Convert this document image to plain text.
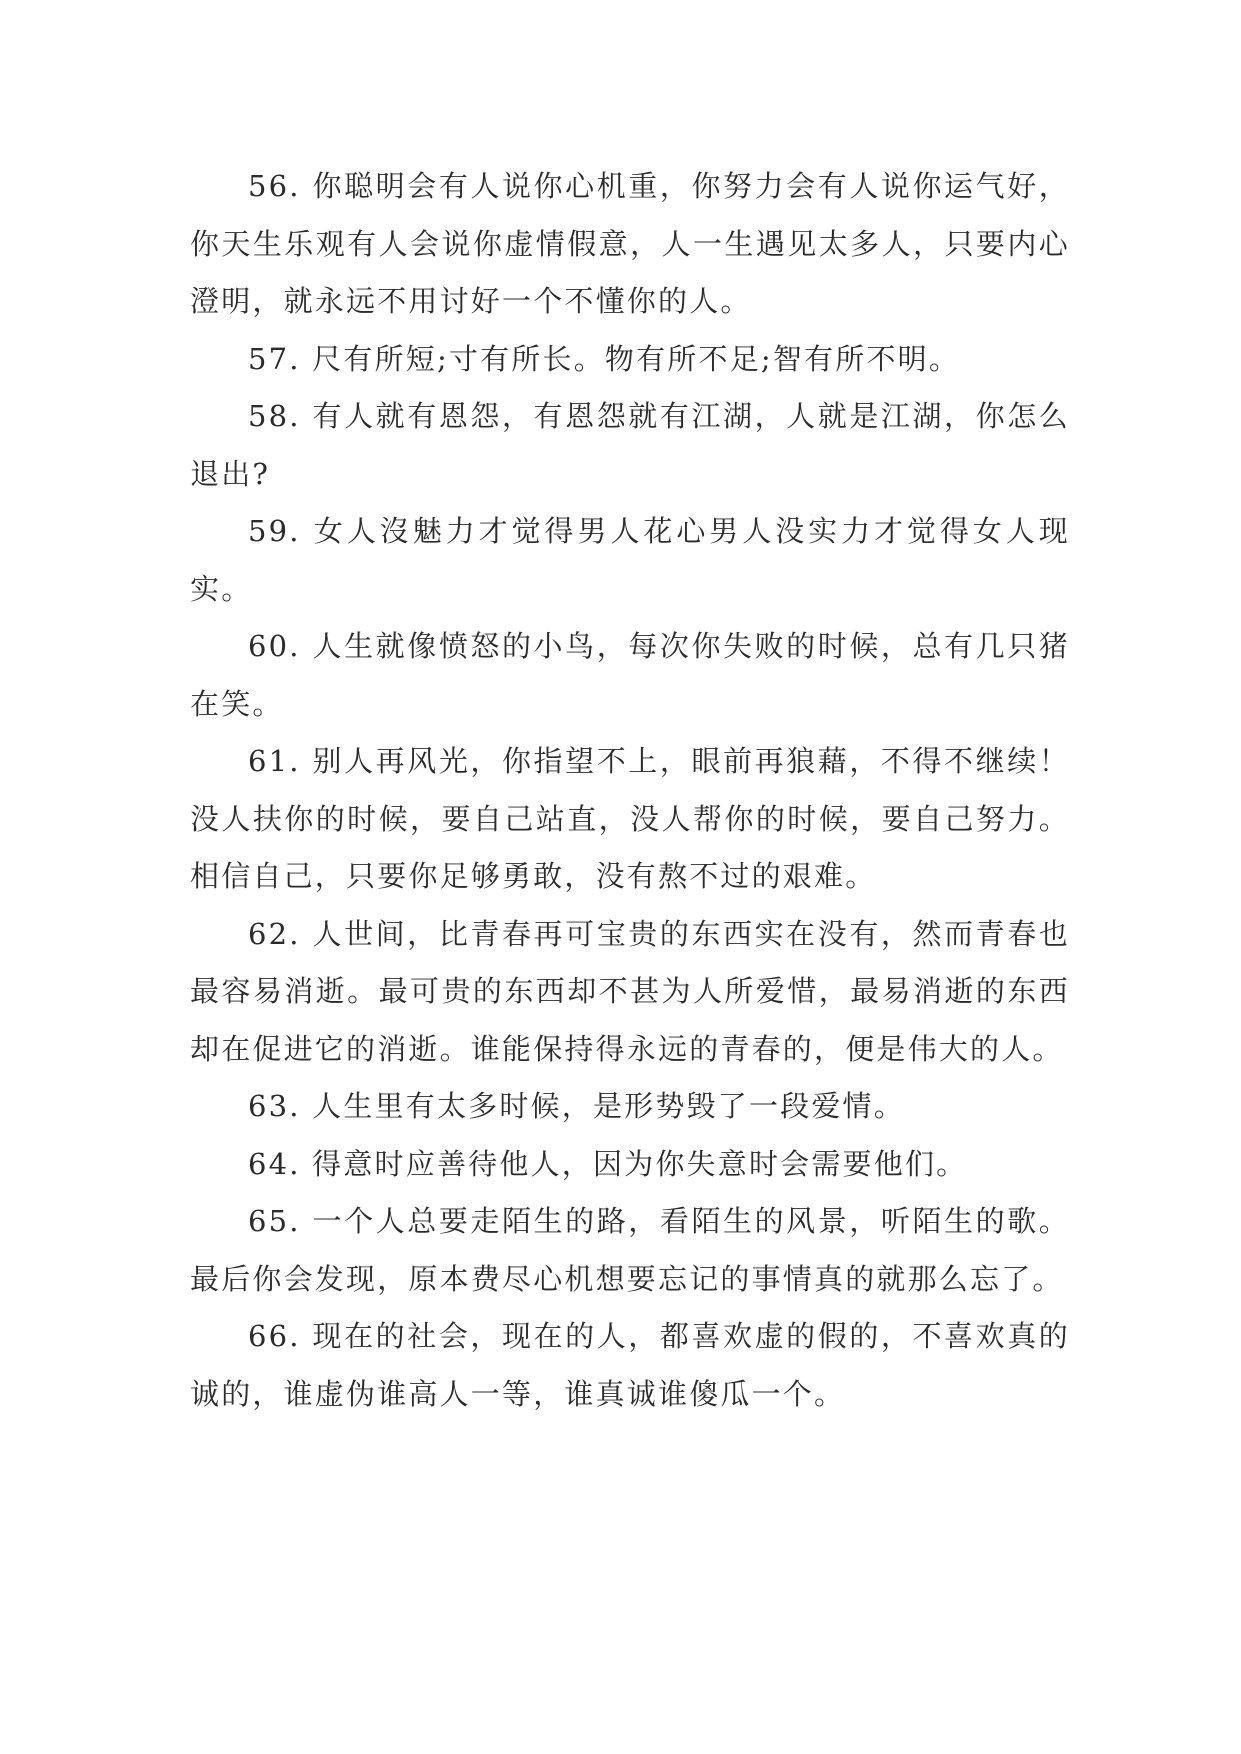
56. 你聪明会有人说你心机重，你努力会有人说你运气好，你天生乐观有人会说你虚情假意，人一生遇见太多人，只要内心澄明，就永远不用讨好一个不懂你的人。

57. 尺有所短;寸有所长。物有所不足;智有所不明。

58. 有人就有恩怨，有恩怨就有江湖，人就是江湖，你怎么退出?

59. 女人沒魅力才觉得男人花心男人没实力才觉得女人现实。

60. 人生就像愤怒的小鸟，每次你失败的时候，总有几只猪在笑。

61. 别人再风光，你指望不上，眼前再狼藉，不得不继续！没人扶你的时候，要自己站直，没人帮你的时候，要自己努力。相信自己，只要你足够勇敢，没有熬不过的艰难。

62. 人世间，比青春再可宝贵的东西实在没有，然而青春也最容易消逝。最可贵的东西却不甚为人所爱惜，最易消逝的东西却在促进它的消逝。谁能保持得永远的青春的，便是伟大的人。

63. 人生里有太多时候，是形势毁了一段爱情。

64. 得意时应善待他人，因为你失意时会需要他们。

65. 一个人总要走陌生的路，看陌生的风景，听陌生的歌。最后你会发现，原本费尽心机想要忘记的事情真的就那么忘了。

66. 现在的社会，现在的人，都喜欢虚的假的，不喜欢真的诚的，谁虚伪谁高人一等，谁真诚谁傻瓜一个。
